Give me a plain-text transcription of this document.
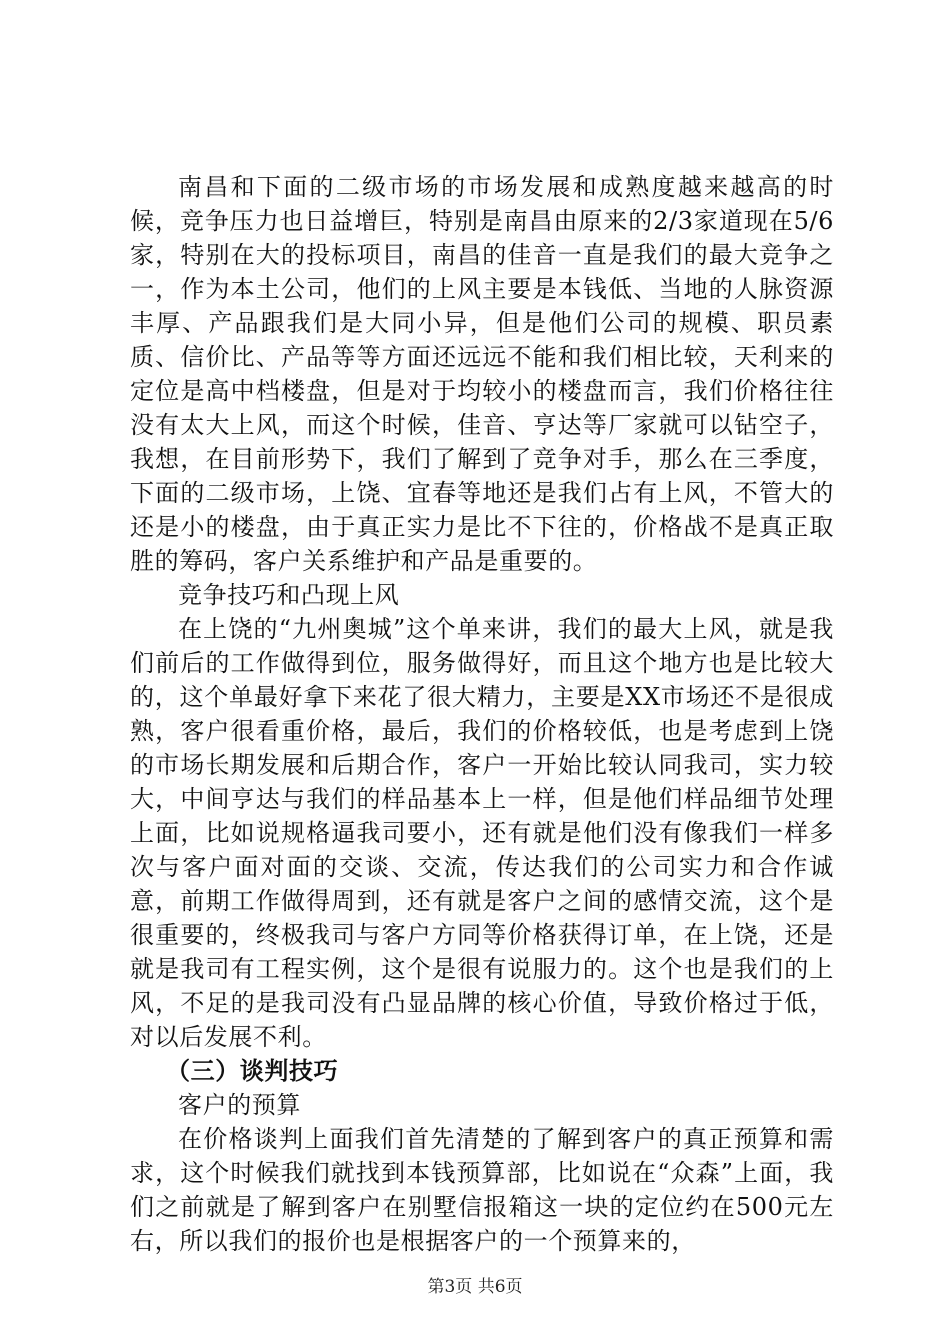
南昌和下面的二级市场的市场发展和成熟度越来越高的时候，竞争压力也日益增巨，特别是南昌由原来的2/3家道现在5/6家，特别在大的投标项目，南昌的佳音一直是我们的最大竞争之一，作为本土公司，他们的上风主要是本钱低、当地的人脉资源丰厚、产品跟我们是大同小异，但是他们公司的规模、职员素质、信价比、产品等等方面还远远不能和我们相比较，天利来的定位是高中档楼盘，但是对于均较小的楼盘而言，我们价格往往没有太大上风，而这个时候，佳音、亨达等厂家就可以钻空子，我想，在目前形势下，我们了解到了竞争对手，那么在三季度，下面的二级市场，上饶、宜春等地还是我们占有上风，不管大的还是小的楼盘，由于真正实力是比不下往的，价格战不是真正取胜的筹码，客户关系维护和产品是重要的。

竞争技巧和凸现上风

在上饶的“九州奥城”这个单来讲，我们的最大上风，就是我们前后的工作做得到位，服务做得好，而且这个地方也是比较大的，这个单最好拿下来花了很大精力，主要是XX市场还不是很成熟，客户很看重价格，最后，我们的价格较低，也是考虑到上饶的市场长期发展和后期合作，客户一开始比较认同我司，实力较大，中间亨达与我们的样品基本上一样，但是他们样品细节处理上面，比如说规格逼我司要小，还有就是他们没有像我们一样多次与客户面对面的交谈、交流，传达我们的公司实力和合作诚意，前期工作做得周到，还有就是客户之间的感情交流，这个是很重要的，终极我司与客户方同等价格获得订单，在上饶，还是就是我司有工程实例，这个是很有说服力的。这个也是我们的上风，不足的是我司没有凸显品牌的核心价值，导致价格过于低，对以后发展不利。

（三）谈判技巧

客户的预算

在价格谈判上面我们首先清楚的了解到客户的真正预算和需求，这个时候我们就找到本钱预算部，比如说在“众森”上面，我们之前就是了解到客户在别墅信报箱这一块的定位约在500元左右，所以我们的报价也是根据客户的一个预算来的，

第3页 共6页
